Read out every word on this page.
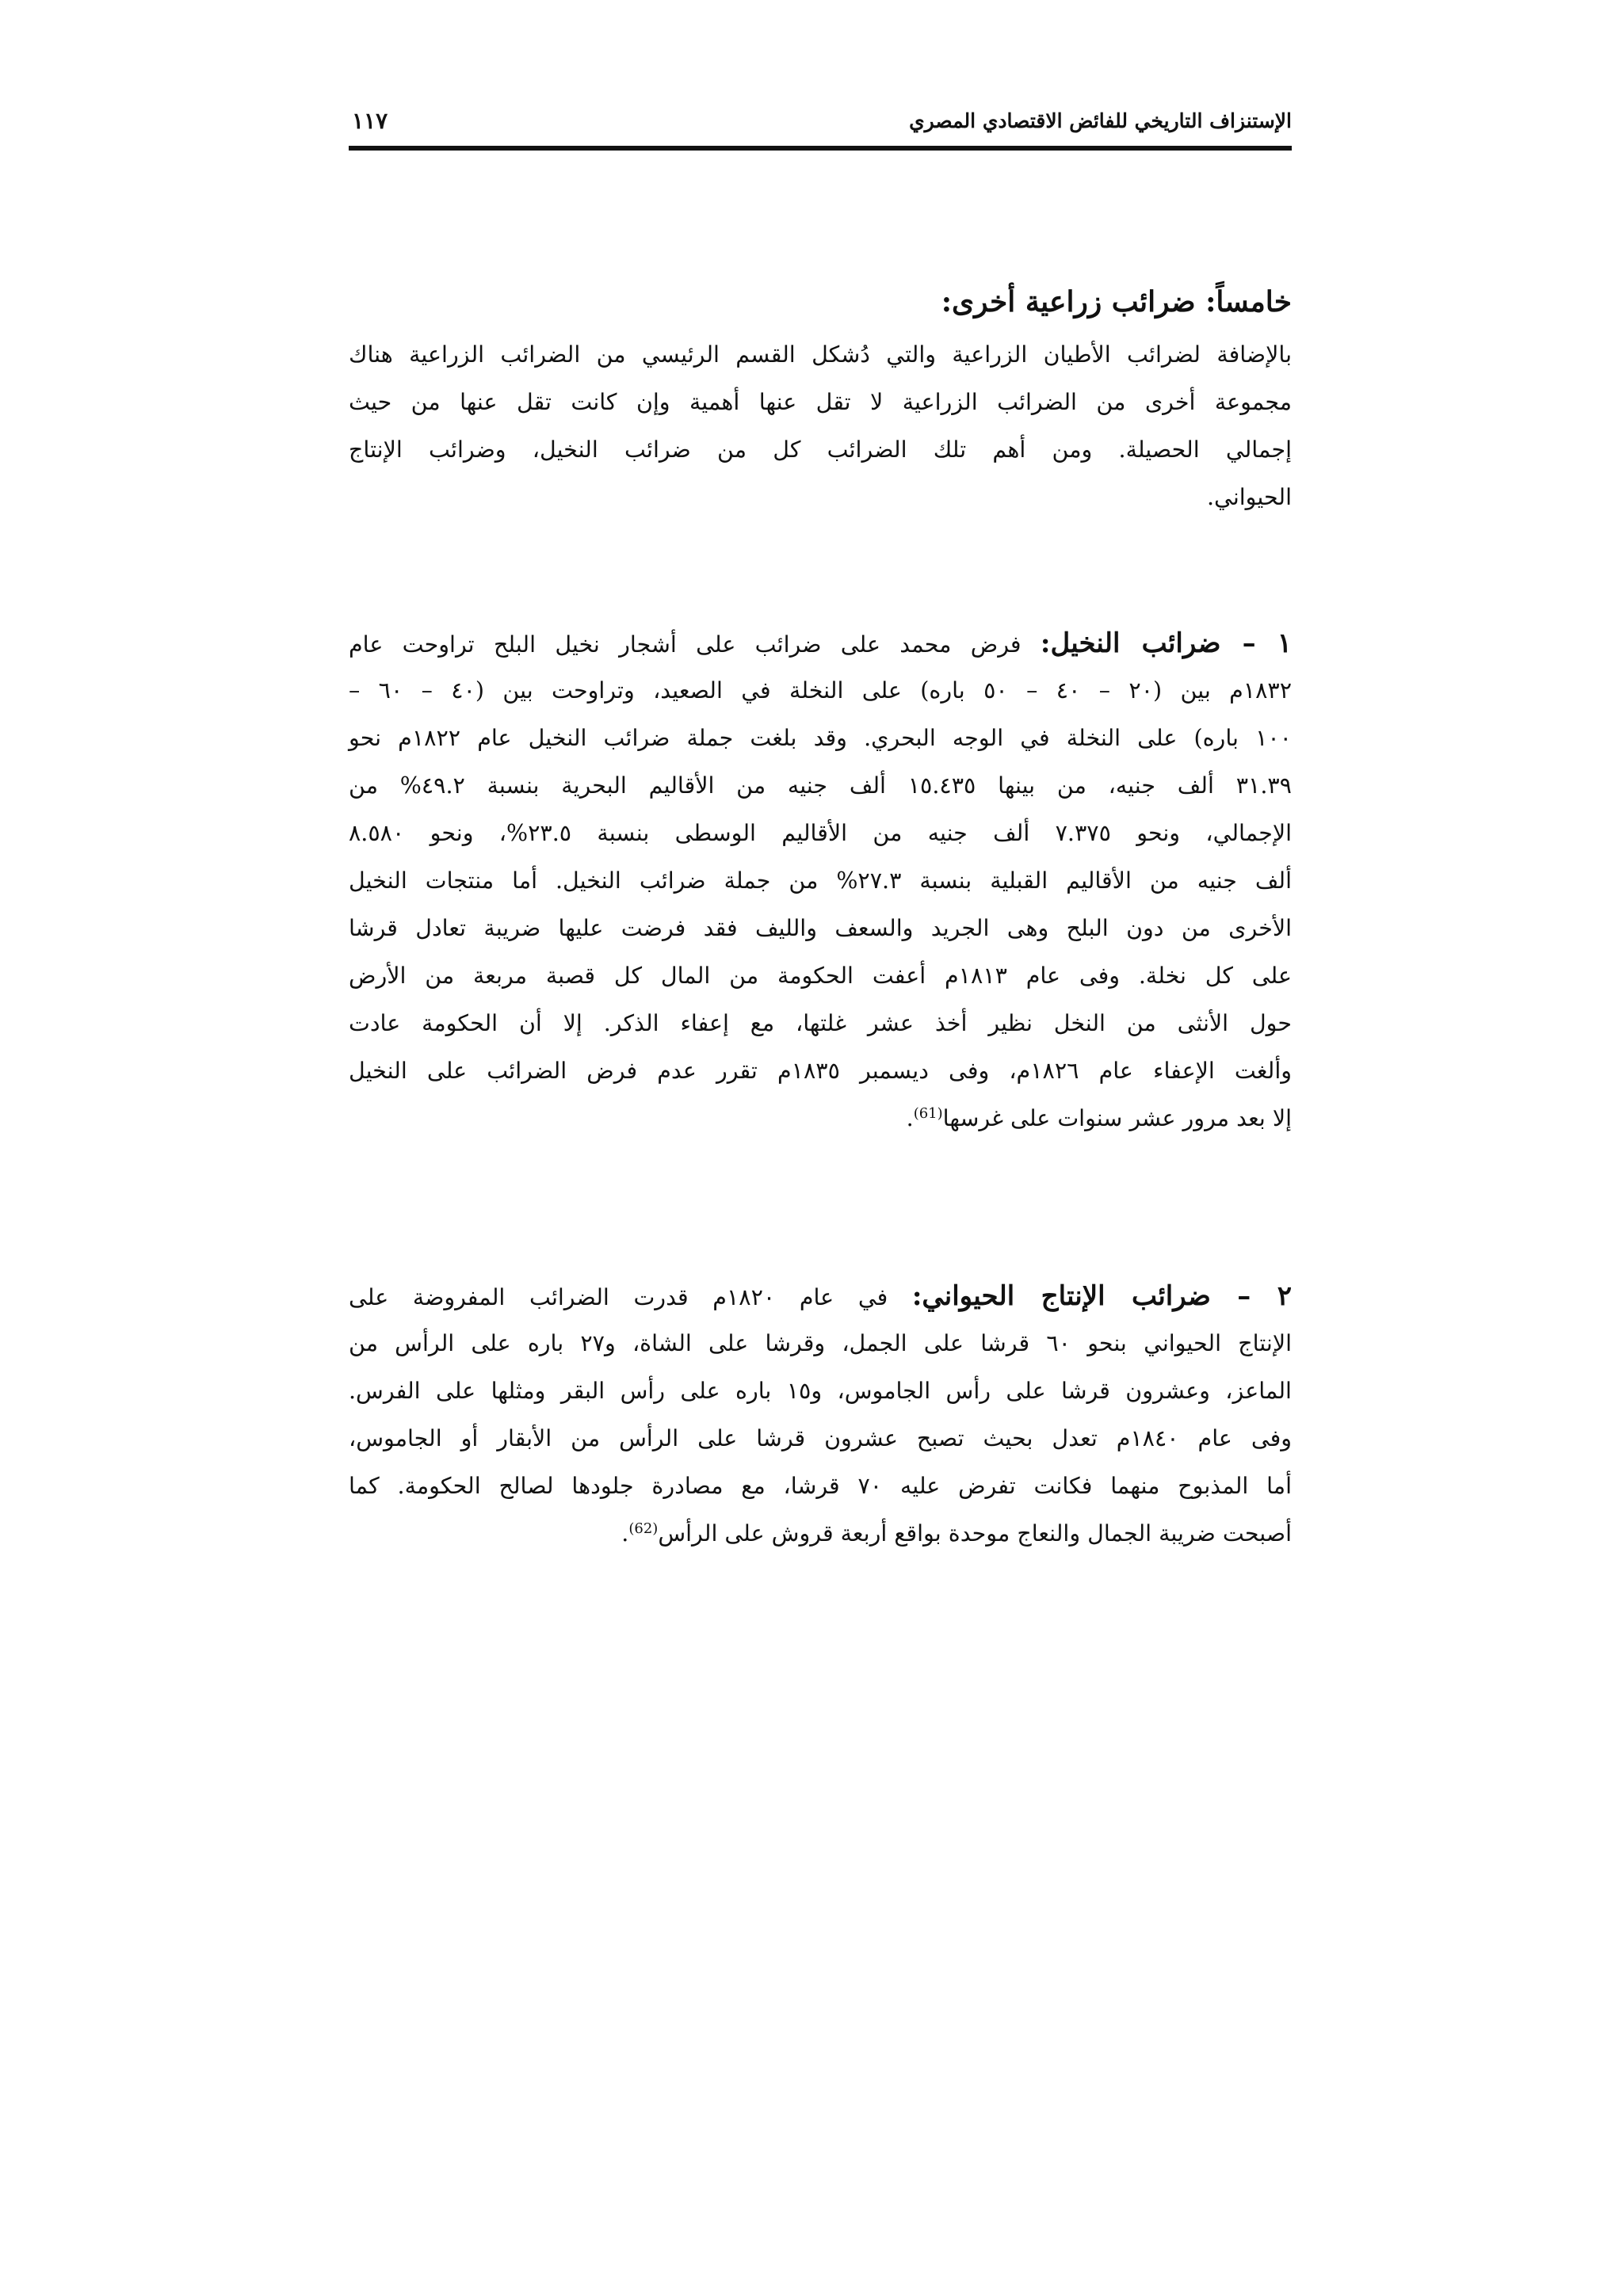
الإستنزاف التاريخي للفائض الاقتصادي المصري
١١٧
خامساً: ضرائب زراعية أخرى:
بالإضافة لضرائب الأطيان الزراعية والتي دُشكل القسم الرئيسي من الضرائب الزراعية هناك
مجموعة أخرى من الضرائب الزراعية لا تقل عنها أهمية وإن كانت تقل عنها من حيث
إجمالي الحصيلة. ومن أهم تلك الضرائب كل من ضرائب النخيل، وضرائب الإنتاج
الحيواني.
١ – ضرائب النخيل: فرض محمد على ضرائب على أشجار نخيل البلح تراوحت عام
١٨٣٢م بين (٢٠ – ٤٠ – ٥٠ باره) على النخلة في الصعيد، وتراوحت بين (٤٠ – ٦٠ –
١٠٠ باره) على النخلة في الوجه البحري. وقد بلغت جملة ضرائب النخيل عام ١٨٢٢م نحو
٣١.٣٩ ألف جنيه، من بينها ١٥.٤٣٥ ألف جنيه من الأقاليم البحرية بنسبة ٤٩.٢% من
الإجمالي، ونحو ٧.٣٧٥ ألف جنيه من الأقاليم الوسطى بنسبة ٢٣.٥%، ونحو ٨.٥٨٠
ألف جنيه من الأقاليم القبلية بنسبة ٢٧.٣% من جملة ضرائب النخيل. أما منتجات النخيل
الأخرى من دون البلح وهى الجريد والسعف والليف فقد فرضت عليها ضريبة تعادل قرشا
على كل نخلة. وفى عام ١٨١٣م أعفت الحكومة من المال كل قصبة مربعة من الأرض
حول الأنثى من النخل نظير أخذ عشر غلتها، مع إعفاء الذكر. إلا أن الحكومة عادت
وألغت الإعفاء عام ١٨٢٦م، وفى ديسمبر ١٨٣٥م تقرر عدم فرض الضرائب على النخيل
إلا بعد مرور عشر سنوات على غرسها$^{(61)}$.
٢ – ضرائب الإنتاج الحيواني: في عام ١٨٢٠م قدرت الضرائب المفروضة على
الإنتاج الحيواني بنحو ٦٠ قرشا على الجمل، وقرشا على الشاة، و٢٧ باره على الرأس من
الماعز، وعشرون قرشا على رأس الجاموس، و١٥ باره على رأس البقر ومثلها على الفرس.
وفى عام ١٨٤٠م تعدل بحيث تصبح عشرون قرشا على الرأس من الأبقار أو الجاموس،
أما المذبوح منهما فكانت تفرض عليه ٧٠ قرشا، مع مصادرة جلودها لصالح الحكومة. كما
أصبحت ضريبة الجمال والنعاج موحدة بواقع أربعة قروش على الرأس$^{(62)}$.
